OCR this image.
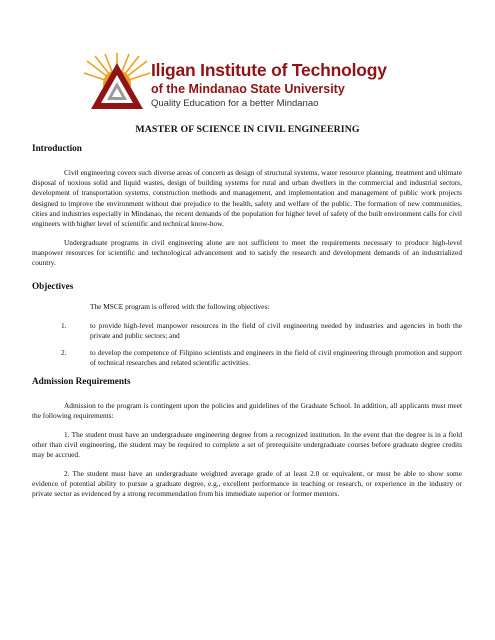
Iligan Institute of Technology
of the Mindanao State University
Quality Education for a better Mindanao
MASTER OF SCIENCE IN CIVIL ENGINEERING
Introduction

Civil engineering covers such diverse areas of concern as design of structural systems, water resource planning, treatment and ultimate disposal of noxious solid and liquid wastes, design of building systems for rural and urban dwellers in the commercial and industrial sectors, development of transportation systems, construction methods and management, and implementation and management of public work projects designed to improve the environment without due prejudice to the health, safety and welfare of the public. The formation of new communities, cities and industries especially in Mindanao, the recent demands of the population for higher level of safety of the built environment calls for civil engineers with higher level of scientific and technical know-how.

Undergraduate programs in civil engineering alone are not sufficient to meet the requirements necessary to produce high-level manpower resources for scientific and technological advancement and to satisfy the research and development demands of an industrialized country.

Objectives

The MSCE program is offered with the following objectives:

1.	to provide high-level manpower resources in the field of civil engineering needed by industries and agencies in both the private and public sectors; and
2.	to develop the competence of Filipino scientists and engineers in the field of civil engineering through promotion and support of technical researches and related scientific activities.
Admission Requirements

Admission to the program is contingent upon the policies and guidelines of the Graduate School. In addition, all applicants must meet the following requirements:

1. The student must have an undergraduate engineering degree from a recognized institution. In the event that the degree is in a field other than civil engineering, the student may be required to complete a set of prerequisite undergraduate courses before graduate degree credits may be accrued.

2. The student must have an undergraduate weighted average grade of at least 2.0 or equivalent, or must be able to show some evidence of potential ability to pursue a graduate degree, e.g., excellent performance in teaching or research, or experience in the industry or private sector as evidenced by a strong recommendation from his immediate superior or former mentors.
